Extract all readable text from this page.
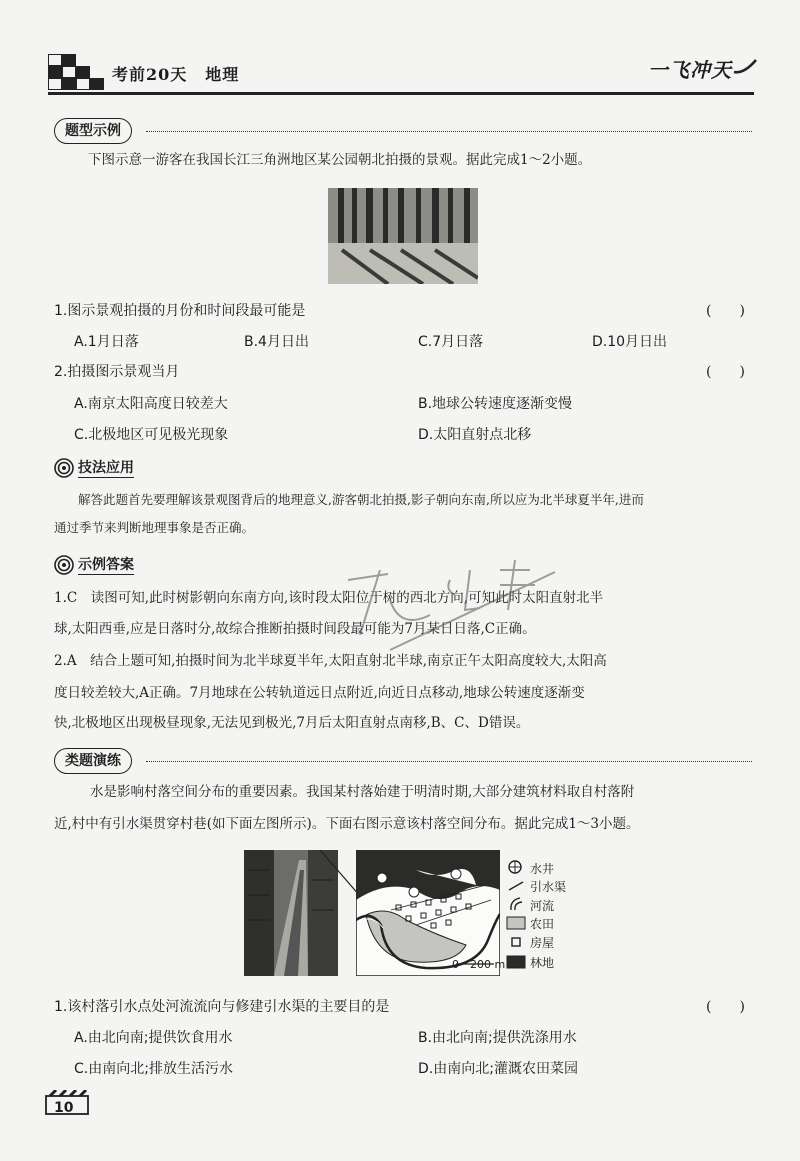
考前20天 地理	一飞冲天
题型示例
下图示意一游客在我国长江三角洲地区某公园朝北拍摄的景观。据此完成1～2小题。
1.图示景观拍摄的月份和时间段最可能是	(　　)
A.1月日落	B.4月日出	C.7月日落	D.10月日出
2.拍摄图示景观当月	(　　)
A.南京太阳高度日较差大	B.地球公转速度逐渐变慢
C.北极地区可见极光现象	D.太阳直射点北移
技法应用
解答此题首先要理解该景观图背后的地理意义,游客朝北拍摄,影子朝向东南,所以应为北半球夏半年,进而
通过季节来判断地理事象是否正确。
示例答案
1.C　读图可知,此时树影朝向东南方向,该时段太阳位于树的西北方向,可知此时太阳直射北半
球,太阳西垂,应是日落时分,故综合推断拍摄时间段最可能为7月某日日落,C正确。
2.A　结合上题可知,拍摄时间为北半球夏半年,太阳直射北半球,南京正午太阳高度较大,太阳高
度日较差较大,A正确。7月地球在公转轨道远日点附近,向近日点移动,地球公转速度逐渐变
快,北极地区出现极昼现象,无法见到极光,7月后太阳直射点南移,B、C、D错误。
类题演练
水是影响村落空间分布的重要因素。我国某村落始建于明清时期,大部分建筑材料取自村落附
近,村中有引水渠贯穿村巷(如下面左图所示)。下面右图示意该村落空间分布。据此完成1～3小题。
0　200 m
水井
引水渠
河流
农田
房屋
林地
1.该村落引水点处河流流向与修建引水渠的主要目的是	(　　)
A.由北向南;提供饮食用水	B.由北向南;提供洗涤用水
C.由南向北;排放生活污水	D.由南向北;灌溉农田菜园
10
